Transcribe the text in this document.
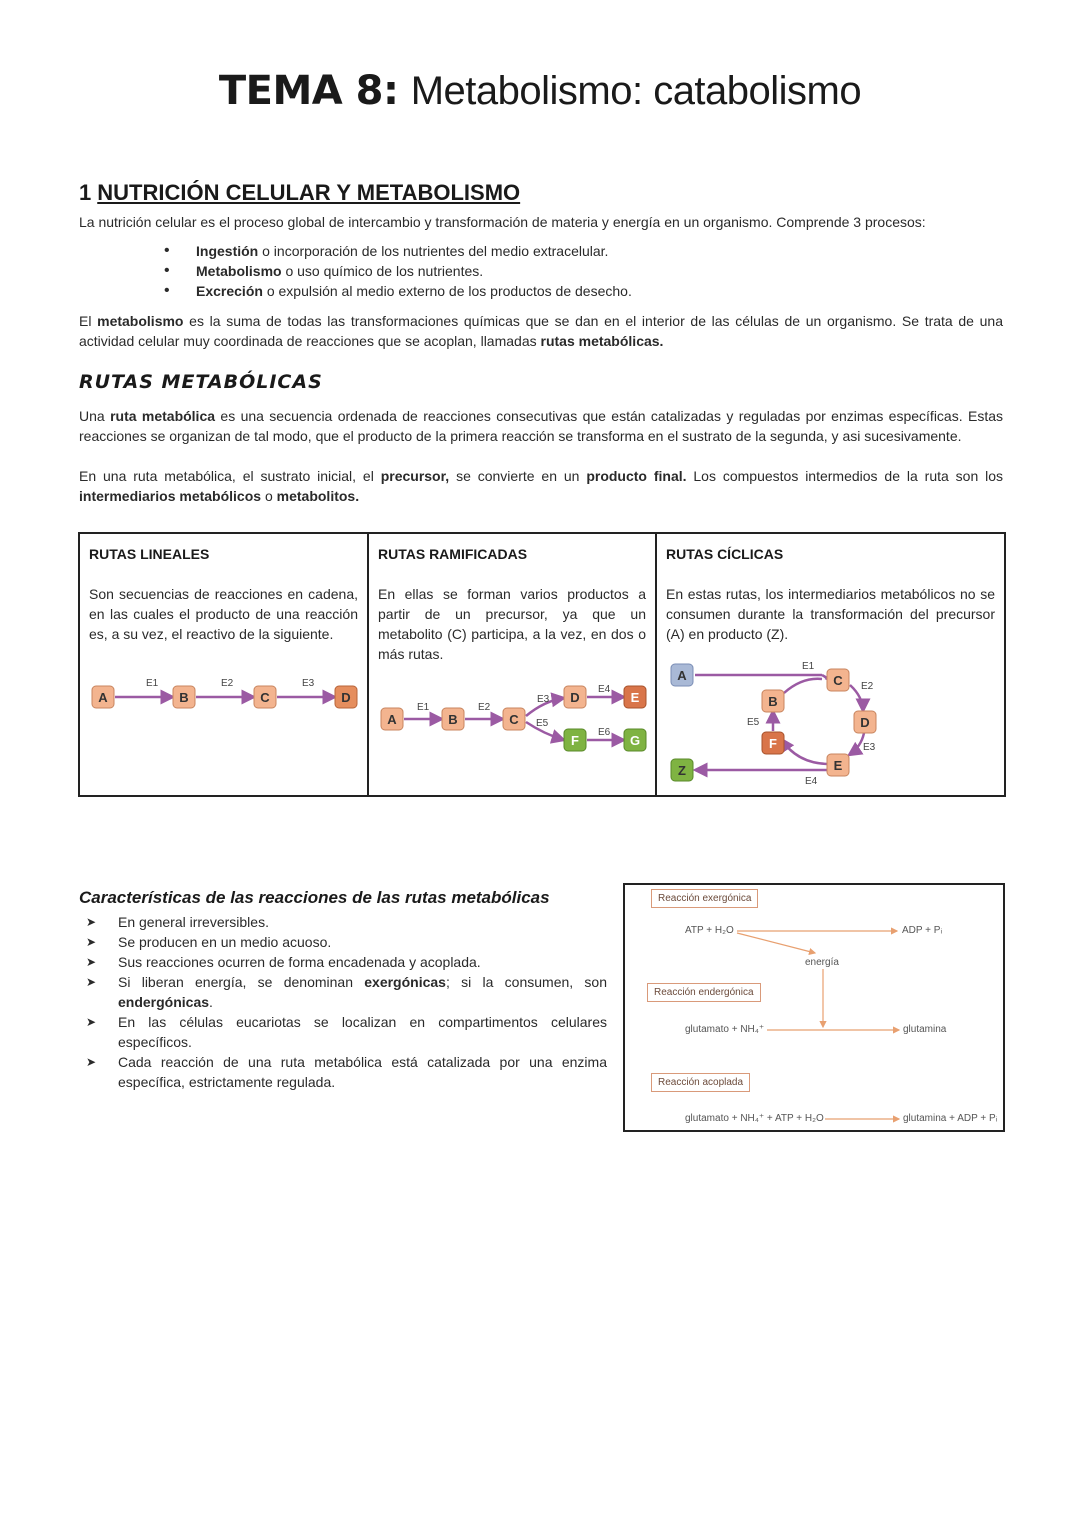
TEMA 8: Metabolismo: catabolismo
1 NUTRICIÓN CELULAR Y METABOLISMO
La nutrición celular es el proceso global de intercambio y transformación de materia y energía en un organismo. Comprende 3 procesos:
• Ingestión o incorporación de los nutrientes del medio extracelular.
• Metabolismo o uso químico de los nutrientes.
• Excreción o expulsión al medio externo de los productos de desecho.
El metabolismo es la suma de todas las transformaciones químicas que se dan en el interior de las células de un organismo. Se trata de una actividad celular muy coordinada de reacciones que se acoplan, llamadas rutas metabólicas.
RUTAS METABÓLICAS
Una ruta metabólica es una secuencia ordenada de reacciones consecutivas que están catalizadas y reguladas por enzimas específicas. Estas reacciones se organizan de tal modo, que el producto de la primera reacción se transforma en el sustrato de la segunda, y asi sucesivamente.
En una ruta metabólica, el sustrato inicial, el precursor, se convierte en un producto final. Los compuestos intermedios de la ruta son los intermediarios metabólicos o metabolitos.
RUTAS LINEALES
Son secuencias de reacciones en cadena, en las cuales el producto de una reacción es, a su vez, el reactivo de la siguiente.
A	B	C	D
E1	E2	E3
RUTAS RAMIFICADAS
En ellas se forman varios productos a partir de un precursor, ya que un metabolito (C) participa, a la vez, en dos o más rutas.
A	B	C
D	E
F	G
E1	E2
E3
E5
E4
E6
RUTAS CÍCLICAS
En estas rutas, los intermediarios metabólicos no se consumen durante la transformación del precursor (A) en producto (Z).
A	C
D
E
F
B
Z
E1
E2
E3
E4
E5
Características de las reacciones de las rutas metabólicas
➤ En general irreversibles.
➤ Se producen en un medio acuoso.
➤ Sus reacciones ocurren de forma encadenada y acoplada.
➤ Si liberan energía, se denominan exergónicas; si la consumen, son endergónicas.
➤ En las células eucariotas se localizan en compartimentos celulares específicos.
➤ Cada reacción de una ruta metabólica está catalizada por una enzima específica, estrictamente regulada.
Reacción exergónica
ATP + H₂O	ADP + Pᵢ
energía
Reacción endergónica
glutamato + NH₄⁺	glutamina
Reacción acoplada
glutamato + NH₄⁺ + ATP + H₂O	glutamina + ADP + Pᵢ
